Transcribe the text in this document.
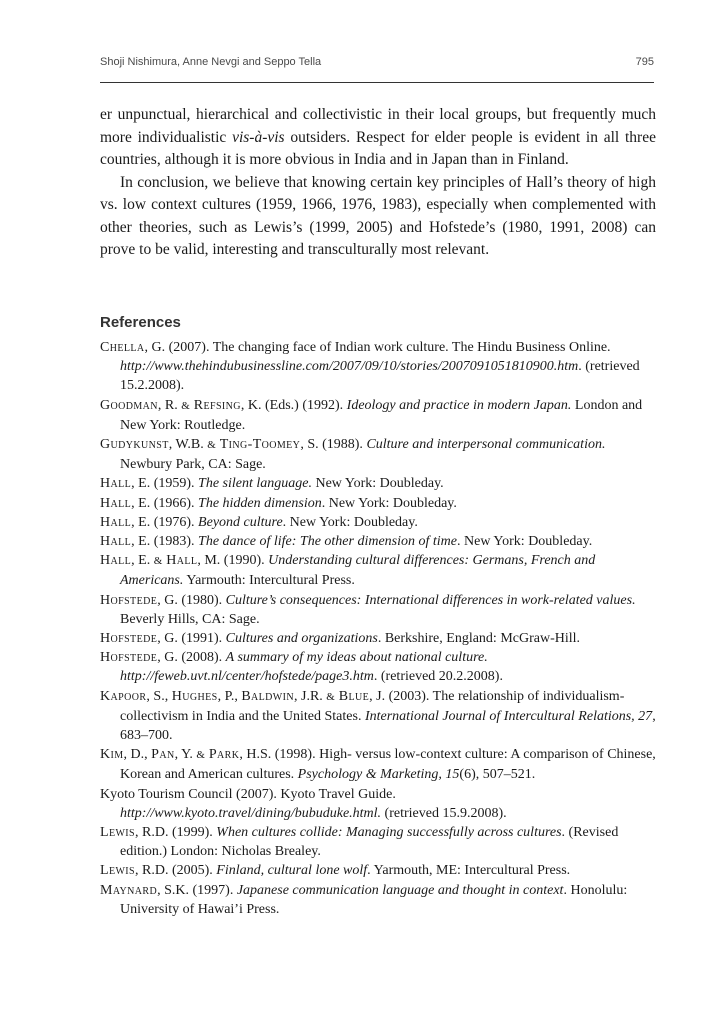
Shoji Nishimura, Anne Nevgi and Seppo Tella	795

er unpunctual, hierarchical and collectivistic in their local groups, but frequently much more individualistic vis-à-vis outsiders. Respect for elder people is evident in all three countries, although it is more obvious in India and in Japan than in Finland.

In conclusion, we believe that knowing certain key principles of Hall’s theory of high vs. low context cultures (1959, 1966, 1976, 1983), especially when complemented with other theories, such as Lewis’s (1999, 2005) and Hofstede’s (1980, 1991, 2008) can prove to be valid, interesting and transculturally most relevant.

References

Chella, G. (2007). The changing face of Indian work culture. The Hindu Business Online. http://www.thehindubusinessline.com/2007/09/10/stories/2007091051810900.htm. (retrieved 15.2.2008).

Goodman, R. & Refsing, K. (Eds.) (1992). Ideology and practice in modern Japan. London and New York: Routledge.

Gudykunst, W.B. & Ting-Toomey, S. (1988). Culture and interpersonal communication. Newbury Park, CA: Sage.

Hall, E. (1959). The silent language. New York: Doubleday.

Hall, E. (1966). The hidden dimension. New York: Doubleday.

Hall, E. (1976). Beyond culture. New York: Doubleday.

Hall, E. (1983). The dance of life: The other dimension of time. New York: Doubleday.

Hall, E. & Hall, M. (1990). Understanding cultural differences: Germans, French and Americans. Yarmouth: Intercultural Press.

Hofstede, G. (1980). Culture’s consequences: International differences in work-related values. Beverly Hills, CA: Sage.

Hofstede, G. (1991). Cultures and organizations. Berkshire, England: McGraw-Hill.

Hofstede, G. (2008). A summary of my ideas about national culture. http://feweb.uvt.nl/center/hofstede/page3.htm. (retrieved 20.2.2008).

Kapoor, S., Hughes, P., Baldwin, J.R. & Blue, J. (2003). The relationship of individualism-collectivism in India and the United States. International Journal of Intercultural Relations, 27, 683–700.

Kim, D., Pan, Y. & Park, H.S. (1998). High- versus low-context culture: A comparison of Chinese, Korean and American cultures. Psychology & Marketing, 15(6), 507–521.

Kyoto Tourism Council (2007). Kyoto Travel Guide. http://www.kyoto.travel/dining/bubuduke.html. (retrieved 15.9.2008).

Lewis, R.D. (1999). When cultures collide: Managing successfully across cultures. (Revised edition.) London: Nicholas Brealey.

Lewis, R.D. (2005). Finland, cultural lone wolf. Yarmouth, ME: Intercultural Press.

Maynard, S.K. (1997). Japanese communication language and thought in context. Honolulu: University of Hawai’i Press.
